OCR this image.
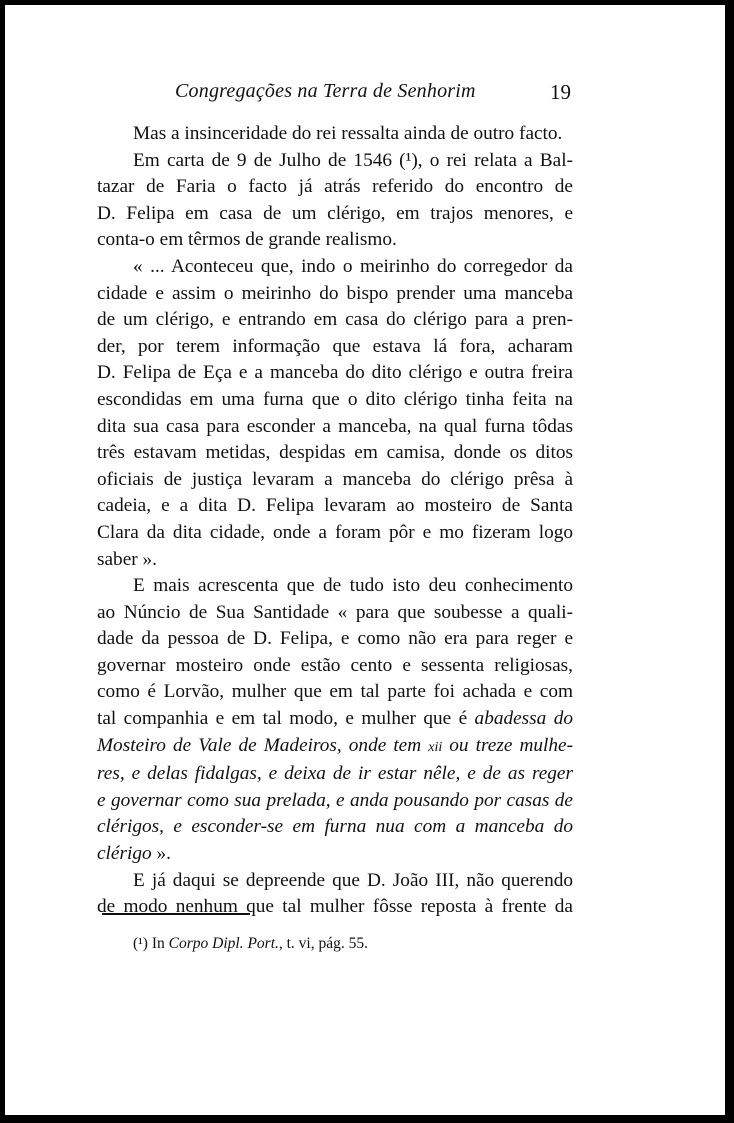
Congregações na Terra de Senhorim	19

Mas a insinceridade do rei ressalta ainda de outro facto.

Em carta de 9 de Julho de 1546 (¹), o rei relata a Bal-
tazar de Faria o facto já atrás referido do encontro de
D. Felipa em casa de um clérigo, em trajos menores, e
conta-o em têrmos de grande realismo.

« ... Aconteceu que, indo o meirinho do corregedor da
cidade e assim o meirinho do bispo prender uma manceba
de um clérigo, e entrando em casa do clérigo para a pren-
der, por terem informação que estava lá fora, acharam
D. Felipa de Eça e a manceba do dito clérigo e outra freira
escondidas em uma furna que o dito clérigo tinha feita na
dita sua casa para esconder a manceba, na qual furna tôdas
três estavam metidas, despidas em camisa, donde os ditos
oficiais de justiça levaram a manceba do clérigo prêsa à
cadeia, e a dita D. Felipa levaram ao mosteiro de Santa
Clara da dita cidade, onde a foram pôr e mo fizeram logo
saber ».

E mais acrescenta que de tudo isto deu conhecimento
ao Núncio de Sua Santidade « para que soubesse a quali-
dade da pessoa de D. Felipa, e como não era para reger e
governar mosteiro onde estão cento e sessenta religiosas,
como é Lorvão, mulher que em tal parte foi achada e com
tal companhia e em tal modo, e mulher que é abadessa do
Mosteiro de Vale de Madeiros, onde tem xii ou treze mulhe-
res, e delas fidalgas, e deixa de ir estar nêle, e de as reger
e governar como sua prelada, e anda pousando por casas de
clérigos, e esconder-se em furna nua com a manceba do
clérigo ».

E já daqui se depreende que D. João III, não querendo
de modo nenhum que tal mulher fôsse reposta à frente da

(¹) In Corpo Dipl. Port., t. vi, pág. 55.
